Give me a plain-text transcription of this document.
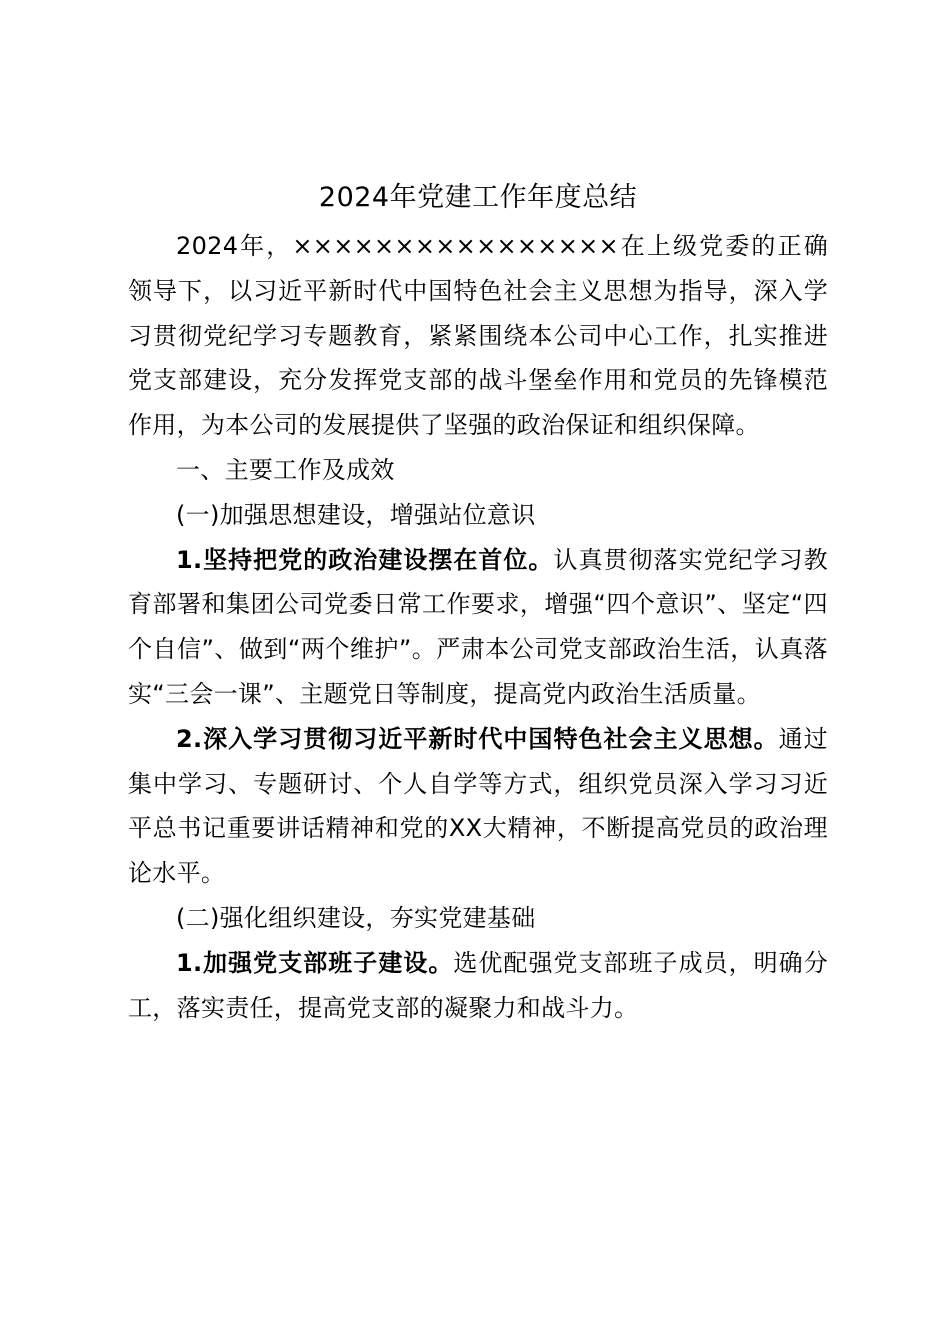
2024年党建工作年度总结

2024年，××××××××××××××××在上级党委的正确领导下，以习近平新时代中国特色社会主义思想为指导，深入学习贯彻党纪学习专题教育，紧紧围绕本公司中心工作，扎实推进党支部建设，充分发挥党支部的战斗堡垒作用和党员的先锋模范作用，为本公司的发展提供了坚强的政治保证和组织保障。

一、主要工作及成效

(一)加强思想建设，增强站位意识

1.坚持把党的政治建设摆在首位。认真贯彻落实党纪学习教育部署和集团公司党委日常工作要求，增强“四个意识”、坚定“四个自信”、做到“两个维护”。严肃本公司党支部政治生活，认真落实“三会一课”、主题党日等制度，提高党内政治生活质量。

2.深入学习贯彻习近平新时代中国特色社会主义思想。通过集中学习、专题研讨、个人自学等方式，组织党员深入学习习近平总书记重要讲话精神和党的XX大精神，不断提高党员的政治理论水平。

(二)强化组织建设，夯实党建基础

1.加强党支部班子建设。选优配强党支部班子成员，明确分工，落实责任，提高党支部的凝聚力和战斗力。
